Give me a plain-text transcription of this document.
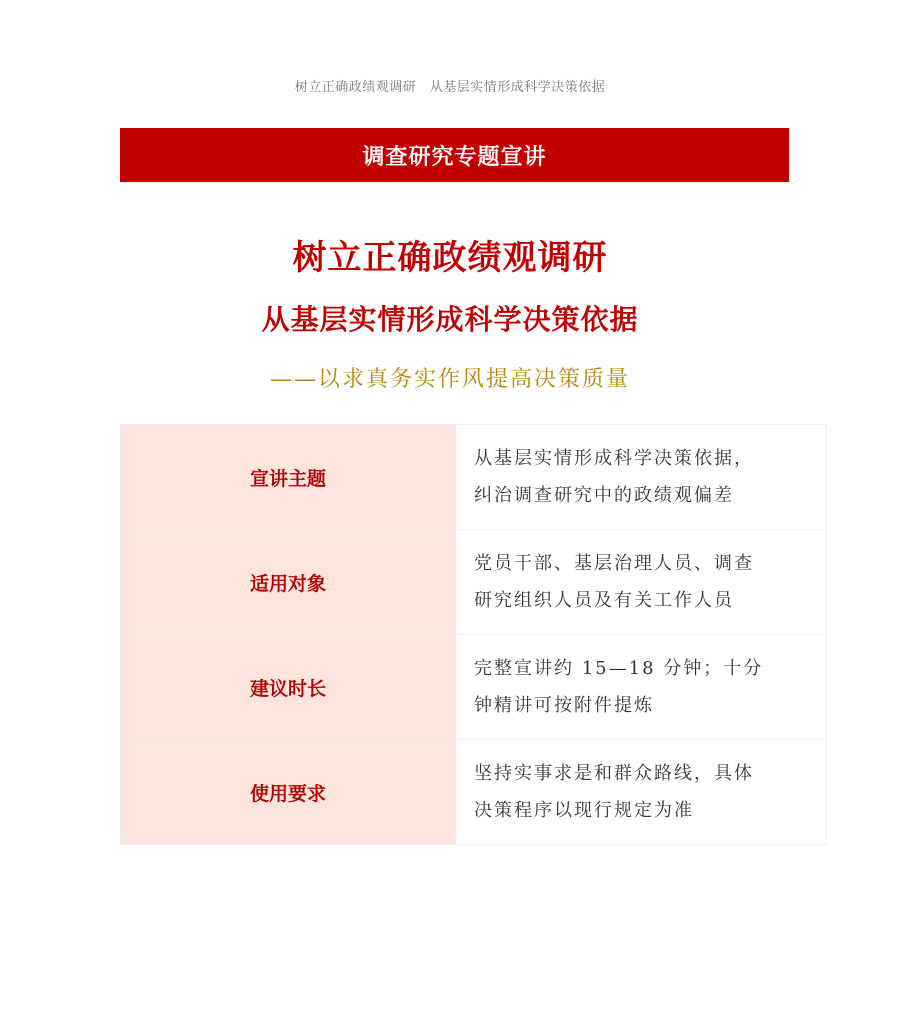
树立正确政绩观调研　从基层实情形成科学决策依据
调查研究专题宣讲
树立正确政绩观调研
从基层实情形成科学决策依据
——以求真务实作风提高决策质量
宣讲主题	从基层实情形成科学决策依据，
纠治调查研究中的政绩观偏差

适用对象	党员干部、基层治理人员、调查
研究组织人员及有关工作人员

建议时长	完整宣讲约 15—18 分钟；十分
钟精讲可按附件提炼

使用要求	坚持实事求是和群众路线，具体
决策程序以现行规定为准
